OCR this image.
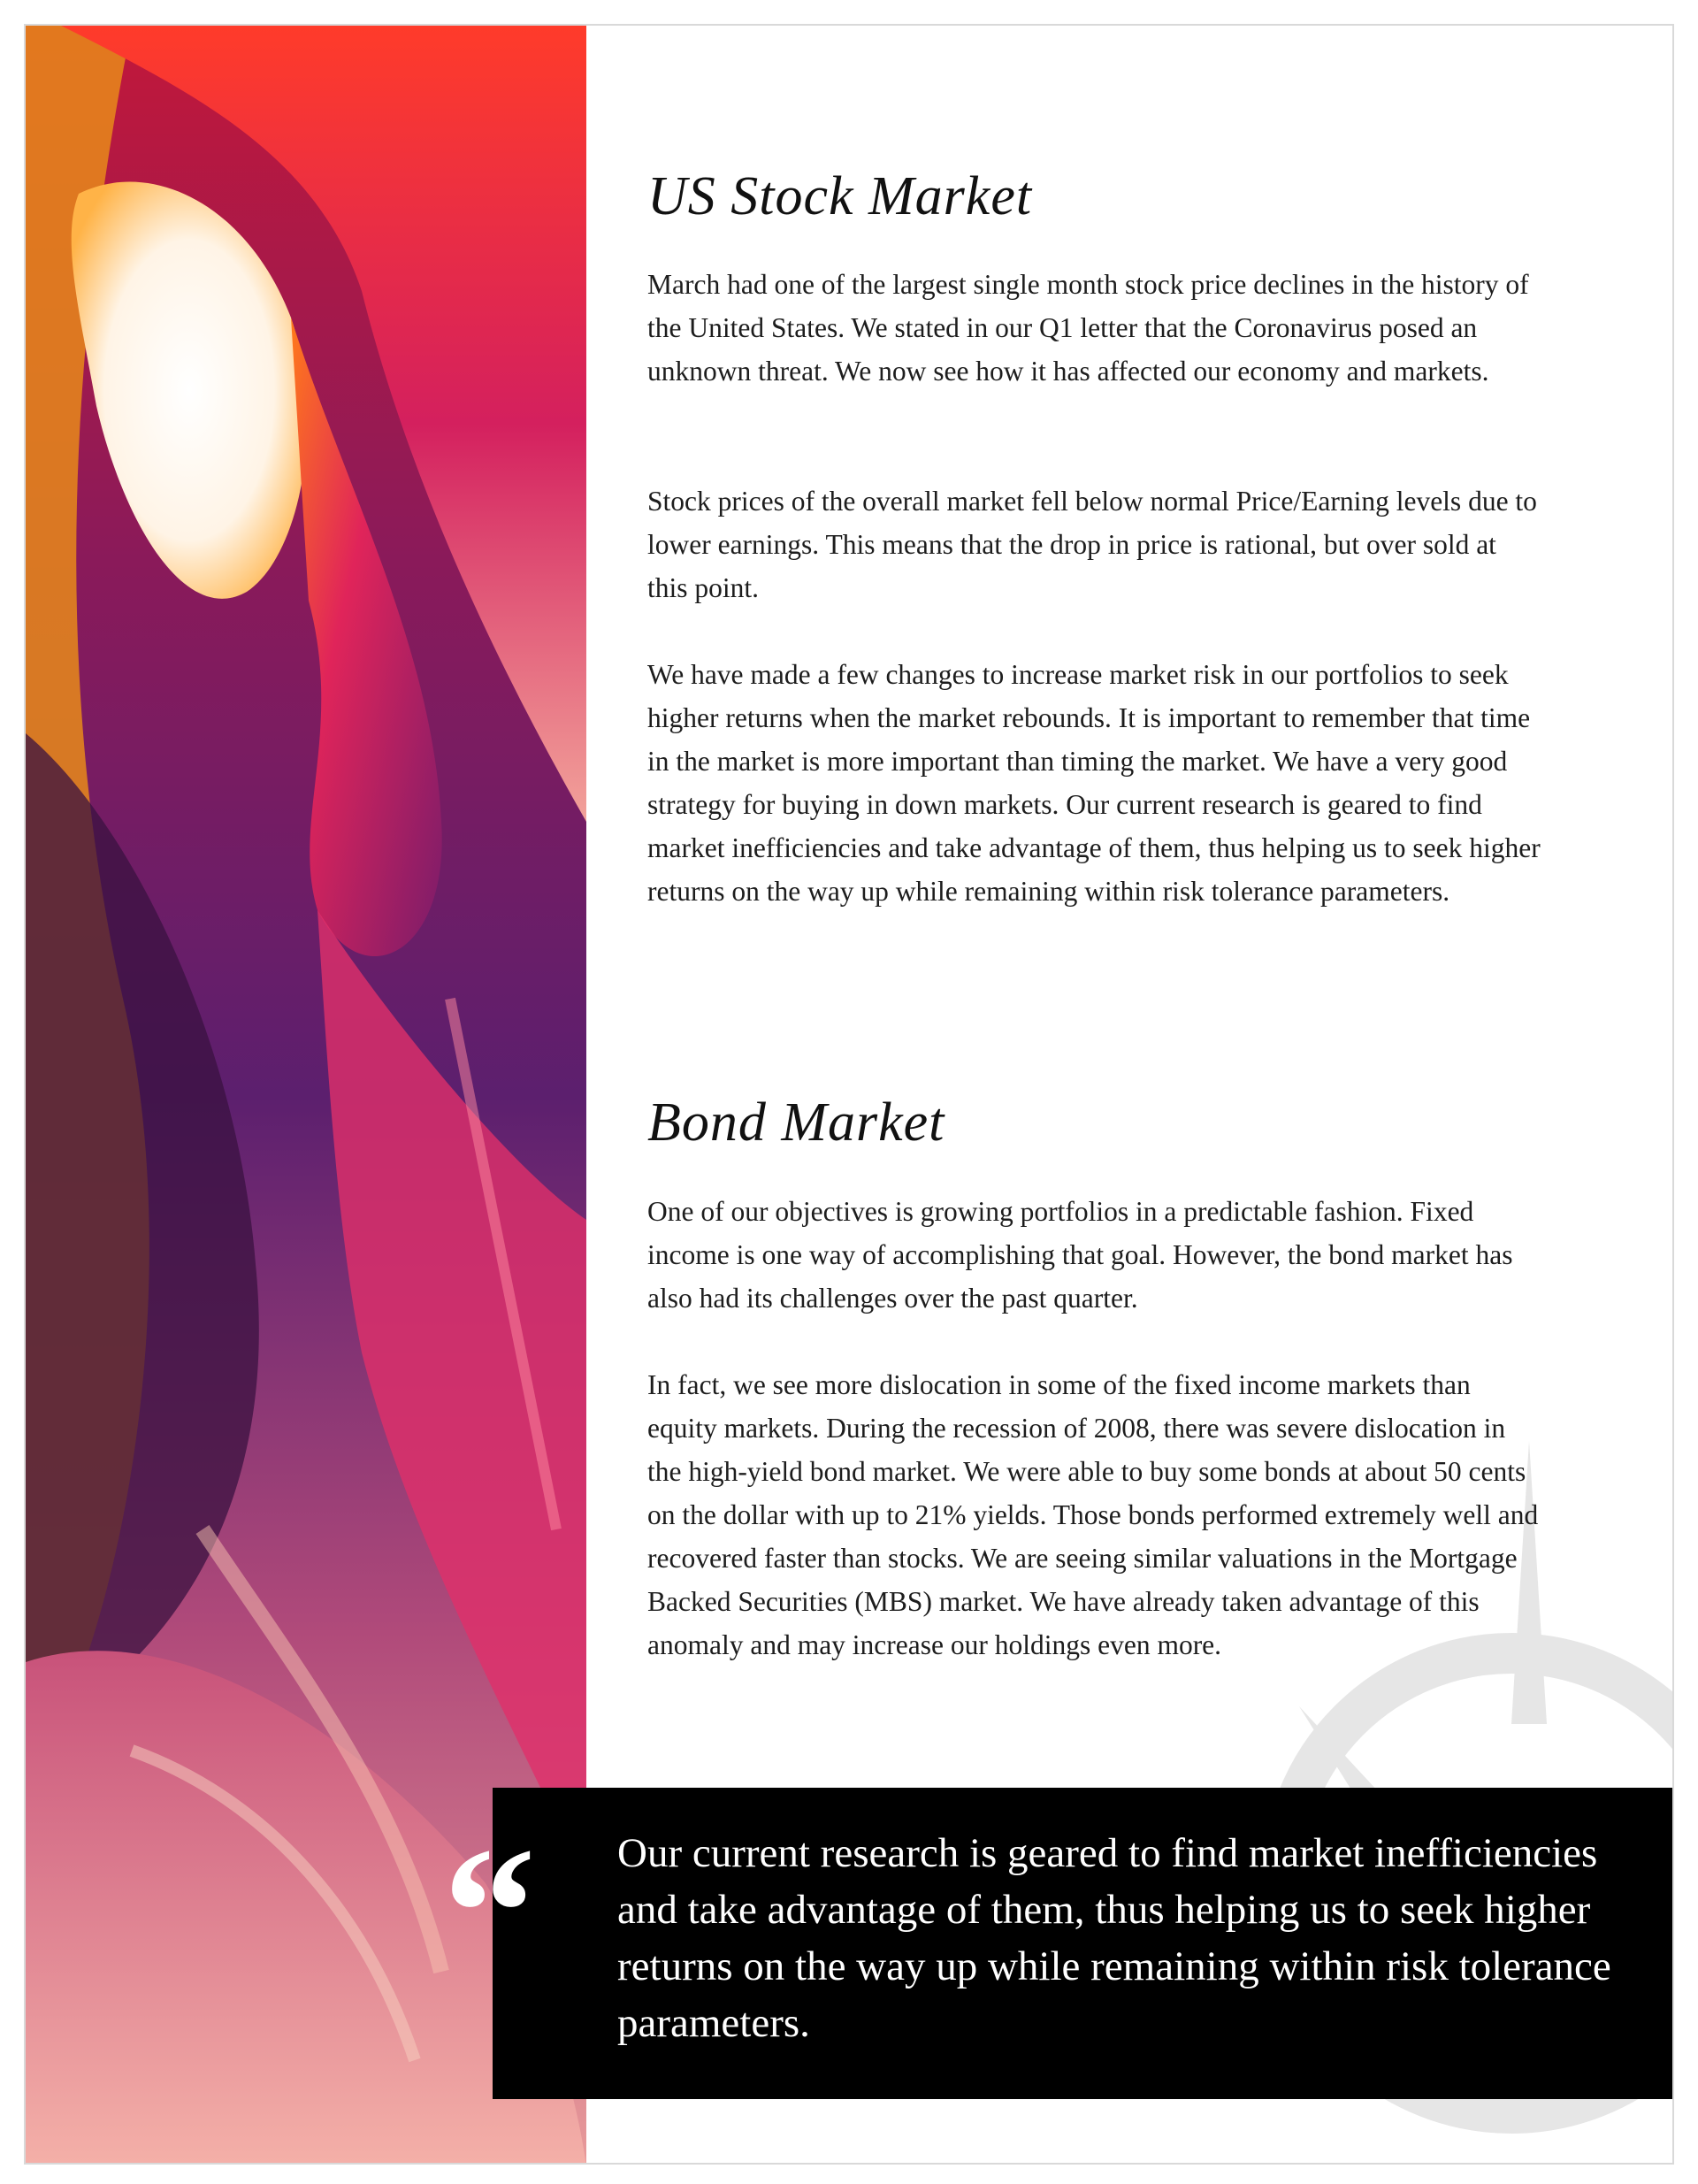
US Stock Market

March had one of the largest single month stock price declines in the history of the United States. We stated in our Q1 letter that the Coronavirus posed an unknown threat. We now see how it has affected our economy and markets.

Stock prices of the overall market fell below normal Price/Earning levels due to lower earnings. This means that the drop in price is rational, but over sold at this point.

We have made a few changes to increase market risk in our portfolios to seek higher returns when the market rebounds. It is important to remember that time in the market is more important than timing the market. We have a very good strategy for buying in down markets. Our current research is geared to find market inefficiencies and take advantage of them, thus helping us to seek higher returns on the way up while remaining within risk tolerance parameters.

Bond Market

One of our objectives is growing portfolios in a predictable fashion. Fixed income is one way of accomplishing that goal. However, the bond market has also had its challenges over the past quarter.

In fact, we see more dislocation in some of the fixed income markets than equity markets. During the recession of 2008, there was severe dislocation in the high-yield bond market. We were able to buy some bonds at about 50 cents on the dollar with up to 21% yields. Those bonds performed extremely well and recovered faster than stocks. We are seeing similar valuations in the Mortgage Backed Securities (MBS) market. We have already taken advantage of this anomaly and may increase our holdings even more.

“ Our current research is geared to find market inefficiencies and take advantage of them, thus helping us to seek higher returns on the way up while remaining within risk tolerance parameters.
